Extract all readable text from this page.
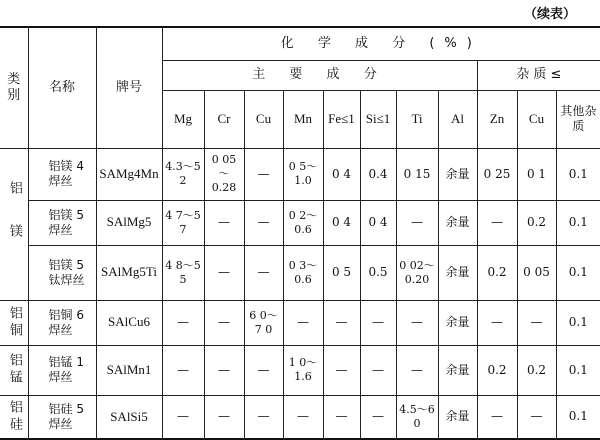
（续表）
类别	名称	牌号	化 学 成 分 (%)										
			主 要 成 分								杂 质 ≤		
			Mg	Cr	Cu	Mn	Fe≤1	Si≤1	Ti	Al	Zn	Cu	其他杂质
铝镁	铝镁 4 焊丝	SAMg4Mn	4.3～5 2	0 05～0.28	—	0 5～1.0	0 4	0.4	0 15	余量	0 25	0 1	0.1
	铝镁 5 焊丝	SAlMg5	4 7～5 7	—	—	0 2～0.6	0 4	0 4	—	余量	—	0.2	0.1
	铝镁 5 钛焊丝	SAlMg5Ti	4 8～5 5	—	—	0 3～0.6	0 5	0.5	0 02～0.20	余量	0.2	0 05	0.1
铝铜	铝铜 6 焊丝	SAlCu6	—	—	6 0～7 0	—	—	—	—	余量	—	—	0.1
铝锰	铝锰 1 焊丝	SAlMn1	—	—	—	1 0～1.6	—	—	—	余量	0.2	0.2	0.1
铝硅	铝硅 5 焊丝	SAlSi5	—	—	—	—	—	—	4.5～6 0	余量	—	—	0.1
